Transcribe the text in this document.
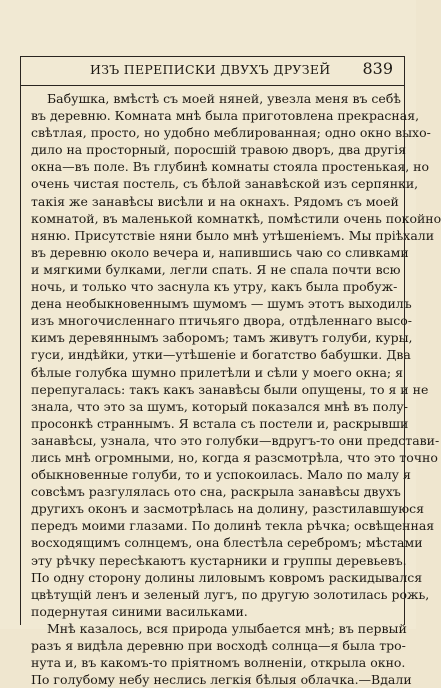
ИЗЪ ПЕРЕПИСКИ ДВУХЪ ДРУЗЕЙ 839
Бабушка, вмѣстѣ съ моей няней, увезла меня въ себѣ
въ деревню. Комната мнѣ была приготовлена прекрасная,
свѣтлая, просто, но удобно меблированная; одно окно выхо-
дило на просторный, поросшій травою дворъ, два другія
окна—въ поле. Въ глубинѣ комнаты стояла простенькая, но
очень чистая постель, съ бѣлой занавѣской изъ серпянки,
такія же занавѣсы висѣли и на окнахъ. Рядомъ съ моей
комнатой, въ маленькой комнаткѣ, помѣстили очень покойно
няню. Присутствіе няни было мнѣ утѣшеніемъ. Мы пріѣхали
въ деревню около вечера и, напившись чаю со сливками
и мягкими булками, легли спать. Я не спала почти всю
ночь, и только что заснула къ утру, какъ была пробуж-
дена необыкновеннымъ шумомъ — шумъ этотъ выходилъ
изъ многочисленнаго птичьяго двора, отдѣленнаго высо-
кимъ деревяннымъ заборомъ; тамъ живутъ голуби, куры,
гуси, индѣйки, утки—утѣшеніе и богатство бабушки. Два
бѣлые голубка шумно прилетѣли и сѣли у моего окна; я
перепугалась: такъ какъ занавѣсы были опущены, то я и не
знала, что это за шумъ, который показался мнѣ въ полу-
просонкѣ страннымъ. Я встала съ постели и, раскрывши
занавѣсы, узнала, что это голубки—вдругъ-то они представи-
лись мнѣ огромными, но, когда я разсмотрѣла, что это точно
обыкновенные голуби, то и успокоилась. Мало по малу я
совсѣмъ разгулялась ото сна, раскрыла занавѣсы двухъ
другихъ оконъ и засмотрѣлась на долину, разстилавшуюся
передъ моими глазами. По долинѣ текла рѣчка; освѣщенная
восходящимъ солнцемъ, она блестѣла серебромъ; мѣстами
эту рѣчку пересѣкаютъ кустарники и группы деревьевъ.
По одну сторону долины лиловымъ ковромъ раскидывался
цвѣтущій ленъ и зеленый лугъ, по другую золотилась рожь,
подернутая синими васильками.
Мнѣ казалось, вся природа улыбается мнѣ; въ первый
разъ я видѣла деревню при восходѣ солнца—я была тро-
нута и, въ какомъ-то пріятномъ волненіи, открыла окно.
По голубому небу неслись легкія бѣлыя облачка.—Вдали
